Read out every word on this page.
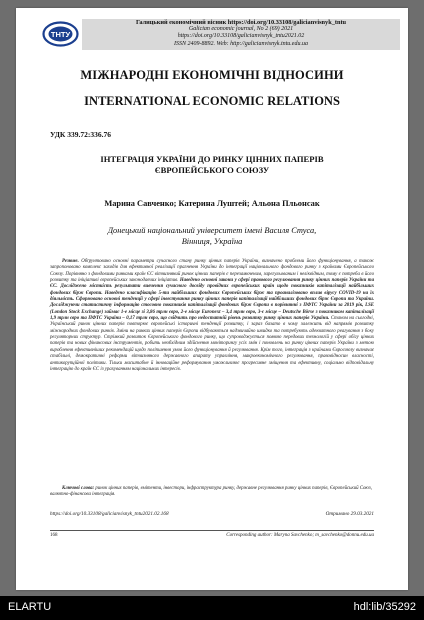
ТНТУ
Галицький економічний вісник https://doi.org/10.33108/galicianvisnyk_tntu
Galician economic journal, No 2 (69) 2021
https://doi.org/10.33108/galicianvisnyk_tntu2021.02
ISSN 2409-8892. Web: http://galicianvisnyk.tntu.edu.ua
МІЖНАРОДНІ ЕКОНОМІЧНІ ВІДНОСИНИ
INTERNATIONAL ECONOMIC RELATIONS
УДК 339.72:336.76
ІНТЕГРАЦІЯ УКРАЇНИ ДО РИНКУ ЦІННИХ ПАПЕРІВ
ЄВРОПЕЙСЬКОГО СОЮЗУ
Марина Савченко; Катерина Луштей; Альона Пльонсак
Донецький національний університет імені Василя Стуса,
Вінниця, Україна

Резюме. Обґрунтовано основні параметри сучасного стану ринку цінних паперів України, визначено проблеми його функціонування, а також запропоновано комплекс заходів для ефективної реалізації прагнення України до інтеграції національного фондового ринку з країнами Європейського Союзу. Порівняно з фондовими ринками країн ЄС вітчизняний ринок цінних паперів є перезамкненим, зарегульованим і неліквідним, тому є потреба в його розвитку та ініціативі європейських законодавчих ініціатив. Наведено основні закони у сфері правового регулювання ринку цінних паперів України та ЄС. Досліджено місткість результати вивчення сучасного досвіду провідних європейських країн щодо показників капіталізації найбільших фондових бірж Європи. Наведено класифікацію 5-ти найбільших фондових Європейських бірж та проаналізовано вплив вірусу COVID-19 на їх діяльність. Сформовано основні тенденції у сфері інвестування ринку цінних паперів капіталізації найбільших фондових бірж Європи та України. Досліджуючи статистичну інформацію стосовно показників капіталізації фондових бірж Європи в порівнянні з ПФТС України за 2019 рік, LSE (London Stock Exchange) займає 1-е місце зі 3,86 трлн євро, 2-е місце Euronext – 3,4 трлн євро, 3-є місце – Deutsche Börse з показником капіталізації 1,9 трлн євро та ПФТС України – 0,17 трлн євро, що свідчить про недостатній рівень розвитку ринку цінних паперів України. Станом на сьогодні, Український ринок цінних паперів повторює європейські історичні тенденції розвитку, і зараз базато в чому залежить від напрямів розвитку міжнародних фондових ринків. Зміни на ринках цінних паперів Європи відбуваються надзвичайно швидко та потребують адекватного реагування з боку регуляторних структур. Стрімкий розвиток Європейського фондового ринку, що супроводжується появою передових технологій у сфері обігу цінних паперів та нових фінансових інструментів, робить необхідним здійснення моніторингу усіх змін і поновлень на ринку цінних паперів України з метою вироблення ефективніших рекомендацій щодо поліпшення умов його функціонування й регулювання. Крім того, інтеграція з країнами Євросоюзу визначає стабільні, демократичні реформи вітчизняного державного апарату управління, макроекономічного регулювання, правовідносин власності, антикорупційної політики. Тільки масштабне й інноваційне реформування уможливлює прогресивне зміщення та ефективну, соціально відповідальну інтеграцію до країн ЄС із урахуванням національних інтересів.

Ключові слова: ринок цінних паперів, емітенти, інвестори, інфраструктура ринку, державне регулювання ринку цінних паперів, Європейський Союз, валютно-фінансова інтеграція.

https://doi.org/10.33108/galicianvisnyk_tntu2021.02.168	Отримано 29.03.2021
168	Corresponding author: Maryna Savchenko; m_savchenko@donnu.edu.ua
ELARTU	hdl:lib/35292
